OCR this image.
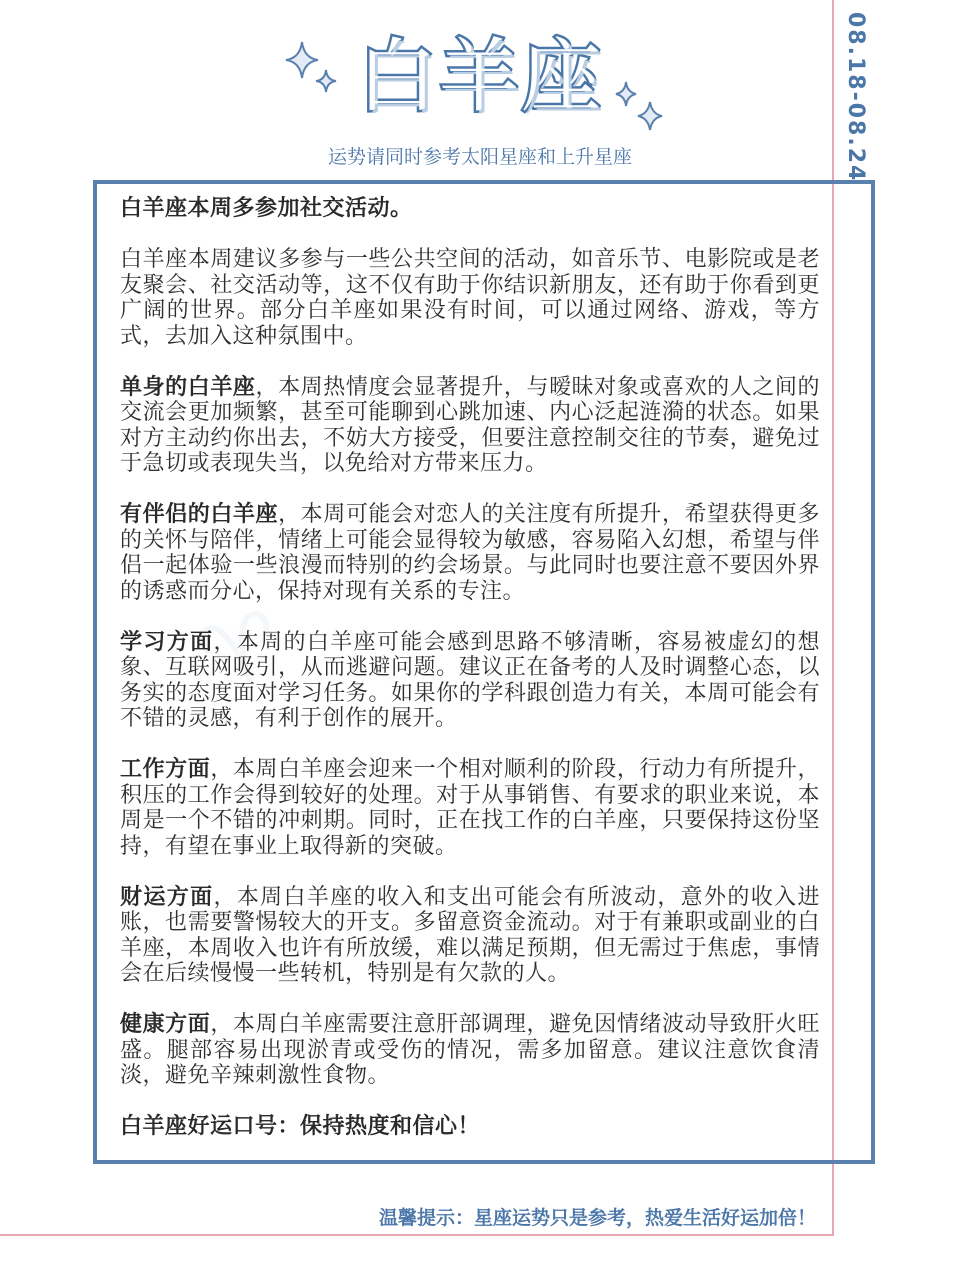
08.18-08.24
白羊座
运势请同时参考太阳星座和上升星座
♈

白羊座本周多参加社交活动。

白羊座本周建议多参与一些公共空间的活动，如音乐节、电影院或是老友聚会、社交活动等，这不仅有助于你结识新朋友，还有助于你看到更广阔的世界。部分白羊座如果没有时间，可以通过网络、游戏，等方式，去加入这种氛围中。

单身的白羊座，本周热情度会显著提升，与暧昧对象或喜欢的人之间的交流会更加频繁，甚至可能聊到心跳加速、内心泛起涟漪的状态。如果对方主动约你出去，不妨大方接受，但要注意控制交往的节奏，避免过于急切或表现失当，以免给对方带来压力。

有伴侣的白羊座，本周可能会对恋人的关注度有所提升，希望获得更多的关怀与陪伴，情绪上可能会显得较为敏感，容易陷入幻想，希望与伴侣一起体验一些浪漫而特别的约会场景。与此同时也要注意不要因外界的诱惑而分心，保持对现有关系的专注。

学习方面，本周的白羊座可能会感到思路不够清晰，容易被虚幻的想象、互联网吸引，从而逃避问题。建议正在备考的人及时调整心态，以务实的态度面对学习任务。如果你的学科跟创造力有关，本周可能会有不错的灵感，有利于创作的展开。

工作方面，本周白羊座会迎来一个相对顺利的阶段，行动力有所提升，积压的工作会得到较好的处理。对于从事销售、有要求的职业来说，本周是一个不错的冲刺期。同时，正在找工作的白羊座，只要保持这份坚持，有望在事业上取得新的突破。

财运方面，本周白羊座的收入和支出可能会有所波动，意外的收入进账，也需要警惕较大的开支。多留意资金流动。对于有兼职或副业的白羊座，本周收入也许有所放缓，难以满足预期，但无需过于焦虑，事情会在后续慢慢一些转机，特别是有欠款的人。

健康方面，本周白羊座需要注意肝部调理，避免因情绪波动导致肝火旺盛。腿部容易出现淤青或受伤的情况，需多加留意。建议注意饮食清淡，避免辛辣刺激性食物。

白羊座好运口号：保持热度和信心！

温馨提示：星座运势只是参考，热爱生活好运加倍！
